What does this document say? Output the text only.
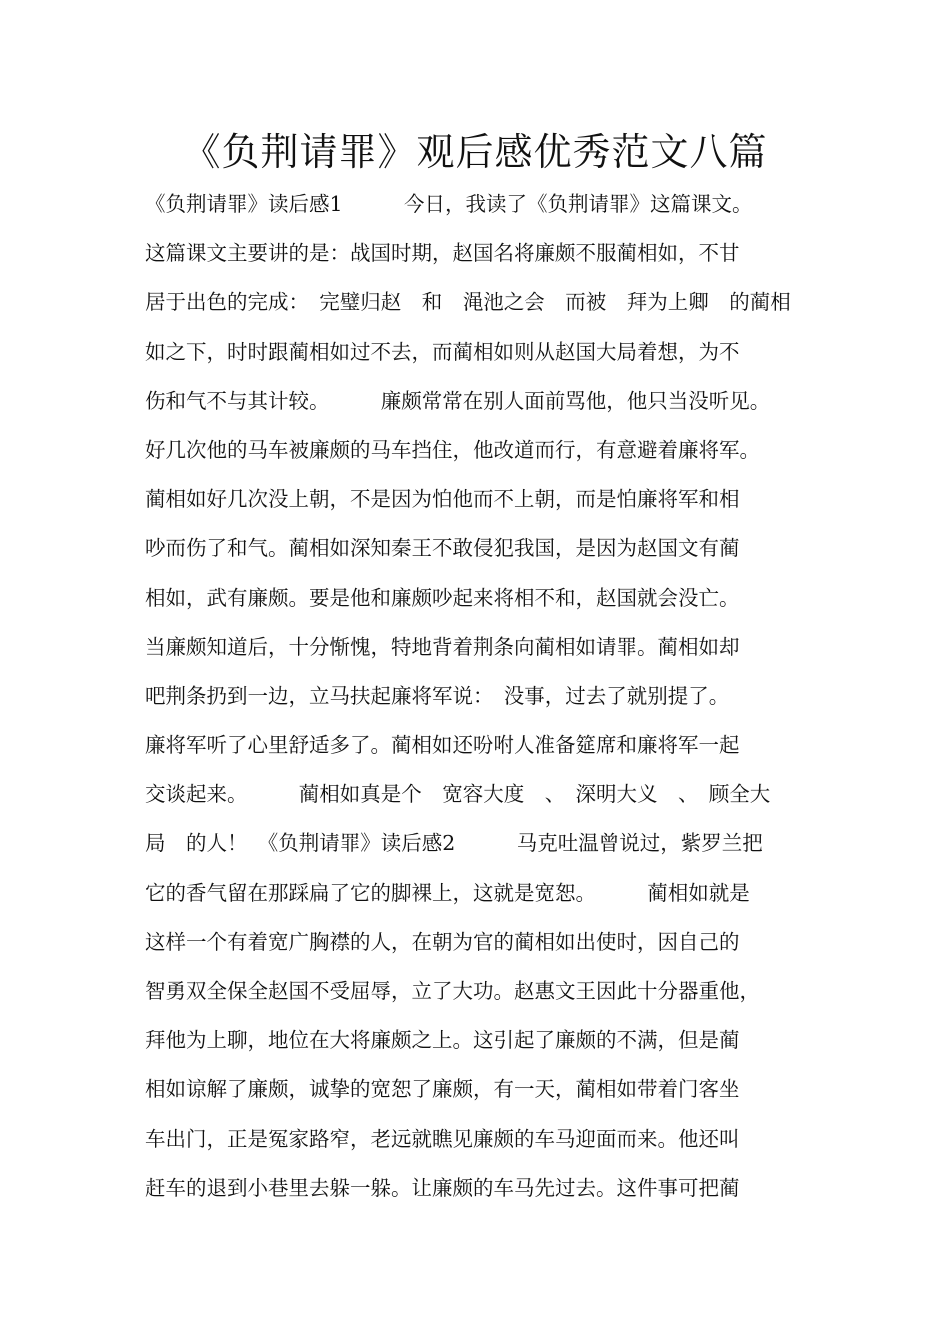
《负荆请罪》观后感优秀范文八篇
《负荆请罪》读后感1　　　今日，我读了《负荆请罪》这篇课文。
这篇课文主要讲的是：战国时期，赵国名将廉颇不服蔺相如，不甘
居于出色的完成：　完璧归赵　和　渑池之会　而被　拜为上卿　的蔺相
如之下，时时跟蔺相如过不去，而蔺相如则从赵国大局着想，为不
伤和气不与其计较。　　　廉颇常常在别人面前骂他，他只当没听见。
好几次他的马车被廉颇的马车挡住，他改道而行，有意避着廉将军。
蔺相如好几次没上朝，不是因为怕他而不上朝，而是怕廉将军和相
吵而伤了和气。蔺相如深知秦王不敢侵犯我国，是因为赵国文有蔺
相如，武有廉颇。要是他和廉颇吵起来将相不和，赵国就会没亡。
当廉颇知道后，十分惭愧，特地背着荆条向蔺相如请罪。蔺相如却
吧荆条扔到一边，立马扶起廉将军说：　没事，过去了就别提了。
廉将军听了心里舒适多了。蔺相如还吩咐人准备筵席和廉将军一起
交谈起来。　　　蔺相如真是个　宽容大度　、　深明大义　、　顾全大
局　的人！　《负荆请罪》读后感2　　　马克吐温曾说过，紫罗兰把
它的香气留在那踩扁了它的脚裸上，这就是宽恕。　　　蔺相如就是
这样一个有着宽广胸襟的人，在朝为官的蔺相如出使时，因自己的
智勇双全保全赵国不受屈辱，立了大功。赵惠文王因此十分器重他，
拜他为上聊，地位在大将廉颇之上。这引起了廉颇的不满，但是蔺
相如谅解了廉颇，诚挚的宽恕了廉颇，有一天，蔺相如带着门客坐
车出门，正是冤家路窄，老远就瞧见廉颇的车马迎面而来。他还叫
赶车的退到小巷里去躲一躲。让廉颇的车马先过去。这件事可把蔺
